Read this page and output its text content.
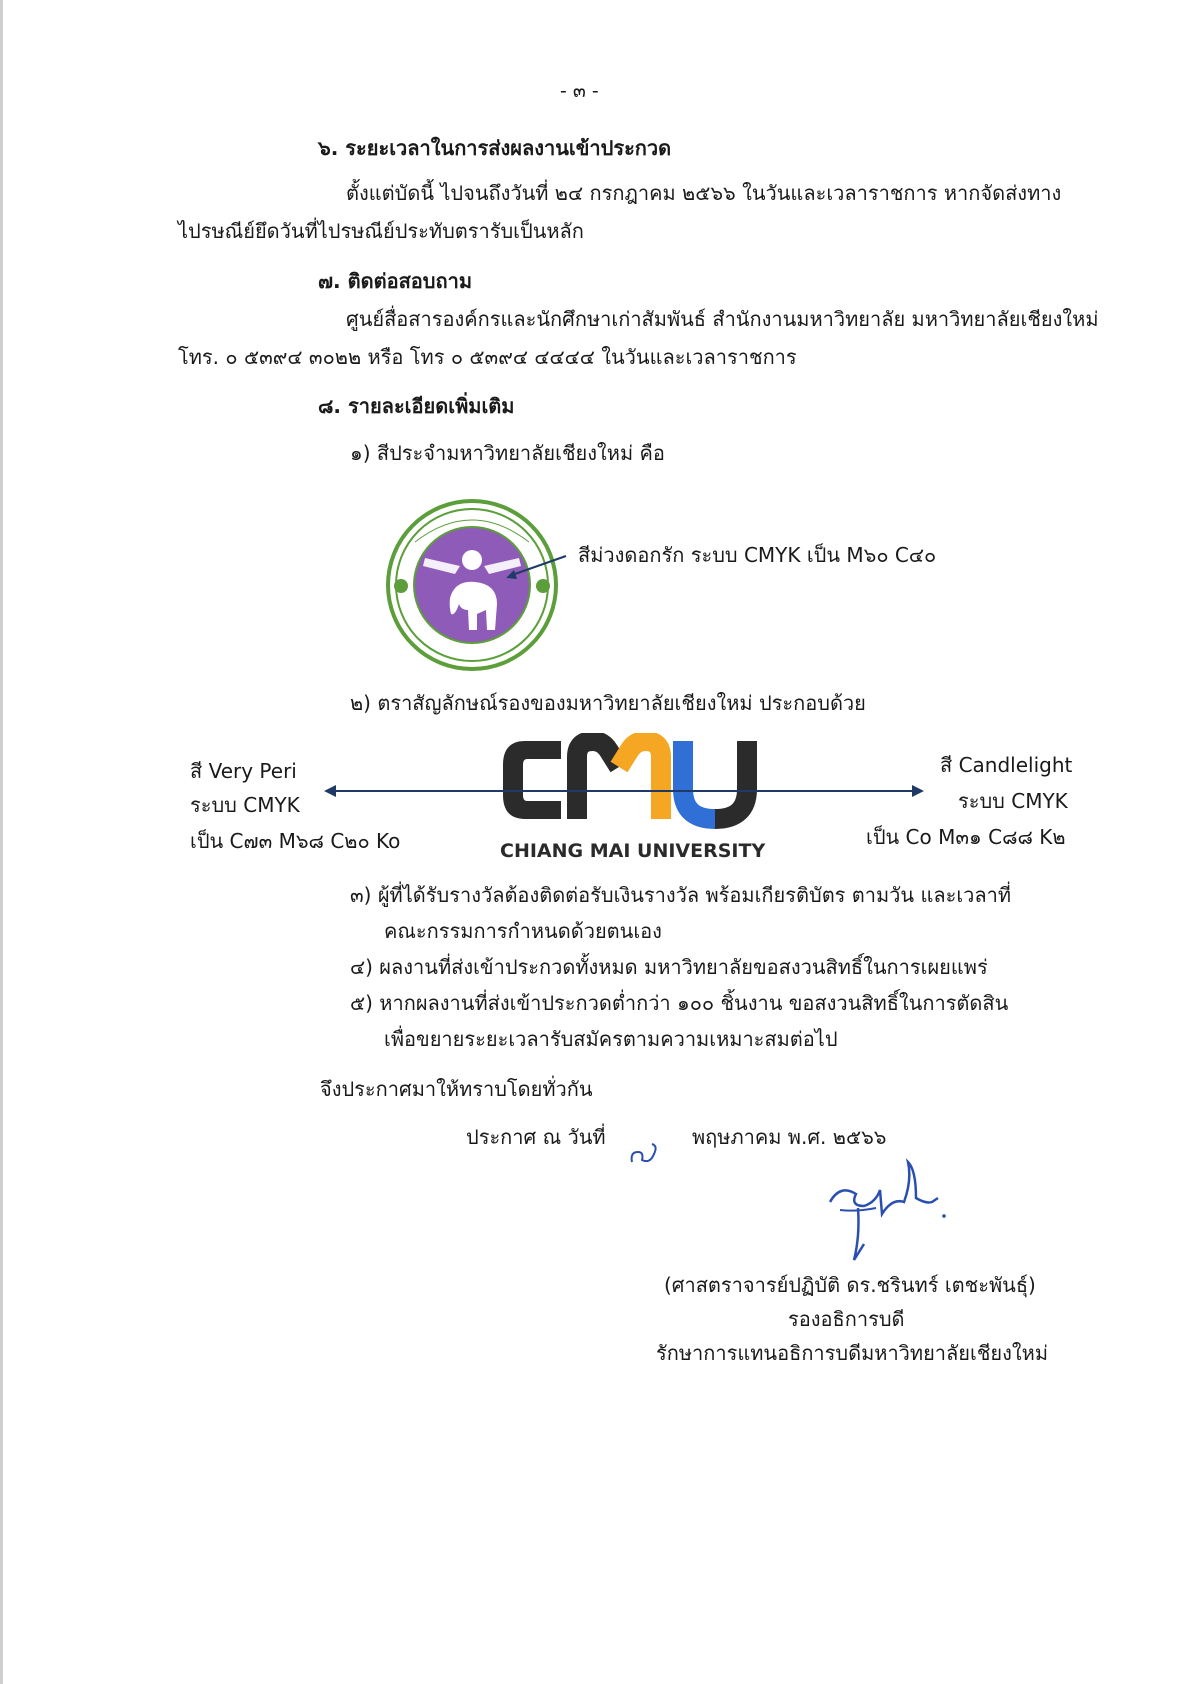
- ๓ -
๖. ระยะเวลาในการส่งผลงานเข้าประกวด
ตั้งแต่บัดนี้ ไปจนถึงวันที่ ๒๔ กรกฎาคม ๒๕๖๖ ในวันและเวลาราชการ หากจัดส่งทาง
ไปรษณีย์ยึดวันที่ไปรษณีย์ประทับตรารับเป็นหลัก
๗. ติดต่อสอบถาม
ศูนย์สื่อสารองค์กรและนักศึกษาเก่าสัมพันธ์ สำนักงานมหาวิทยาลัย มหาวิทยาลัยเชียงใหม่
โทร. ๐ ๕๓๙๔ ๓๐๒๒ หรือ โทร ๐ ๕๓๙๔ ๔๔๔๔ ในวันและเวลาราชการ
๘. รายละเอียดเพิ่มเติม
๑) สีประจำมหาวิทยาลัยเชียงใหม่ คือ
สีม่วงดอกรัก ระบบ CMYK เป็น M๖๐ C๔๐
๒) ตราสัญลักษณ์รองของมหาวิทยาลัยเชียงใหม่ ประกอบด้วย
สี Very Peri
ระบบ CMYK
เป็น C๗๓ M๖๘ C๒๐ Ko
สี Candlelight
ระบบ CMYK
เป็น Co M๓๑ C๘๘ K๒
CHIANG MAI UNIVERSITY
๓) ผู้ที่ได้รับรางวัลต้องติดต่อรับเงินรางวัล พร้อมเกียรติบัตร ตามวัน และเวลาที่
คณะกรรมการกำหนดด้วยตนเอง
๔) ผลงานที่ส่งเข้าประกวดทั้งหมด มหาวิทยาลัยขอสงวนสิทธิ์ในการเผยแพร่
๕) หากผลงานที่ส่งเข้าประกวดต่ำกว่า ๑๐๐ ชิ้นงาน ขอสงวนสิทธิ์ในการตัดสิน
เพื่อขยายระยะเวลารับสมัครตามความเหมาะสมต่อไป
จึงประกาศมาให้ทราบโดยทั่วกัน
ประกาศ ณ วันที่	พฤษภาคม พ.ศ. ๒๕๖๖
(ศาสตราจารย์ปฏิบัติ ดร.ชรินทร์ เตชะพันธุ์)
รองอธิการบดี
รักษาการแทนอธิการบดีมหาวิทยาลัยเชียงใหม่
